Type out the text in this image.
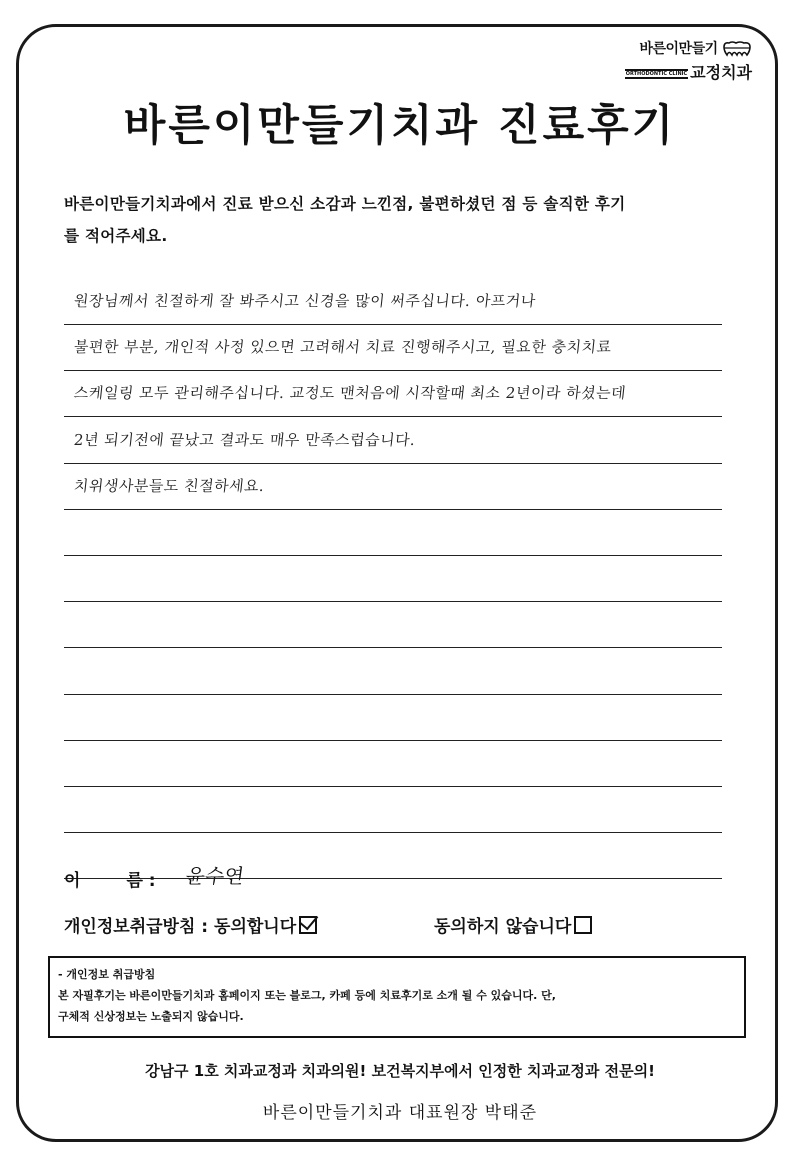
바른이만들기
ORTHODONTIC CLINIC 교정치과
바른이만들기치과 진료후기
바른이만들기치과에서 진료 받으신 소감과 느낀점, 불편하셨던 점 등 솔직한 후기
를 적어주세요.
원장님께서 친절하게 잘 봐주시고 신경을 많이 써주십니다. 아프거나
불편한 부분, 개인적 사정 있으면 고려해서 치료 진행해주시고, 필요한 충치치료
스케일링 모두 관리해주십니다. 교정도 맨처음에 시작할때 최소 2년이라 하셨는데
2년 되기전에 끝났고 결과도 매우 만족스럽습니다.
치위생사분들도 친절하세요.
이	름 : 윤수연
개인정보취급방침 : 동의합니다	동의하지 않습니다
- 개인정보 취급방침
본 자필후기는 바른이만들기치과 홈페이지 또는 블로그, 카페 등에 치료후기로 소개 될 수 있습니다. 단,
구체적 신상정보는 노출되지 않습니다.
강남구 1호 치과교정과 치과의원! 보건복지부에서 인정한 치과교정과 전문의!
바른이만들기치과 대표원장 박태준
